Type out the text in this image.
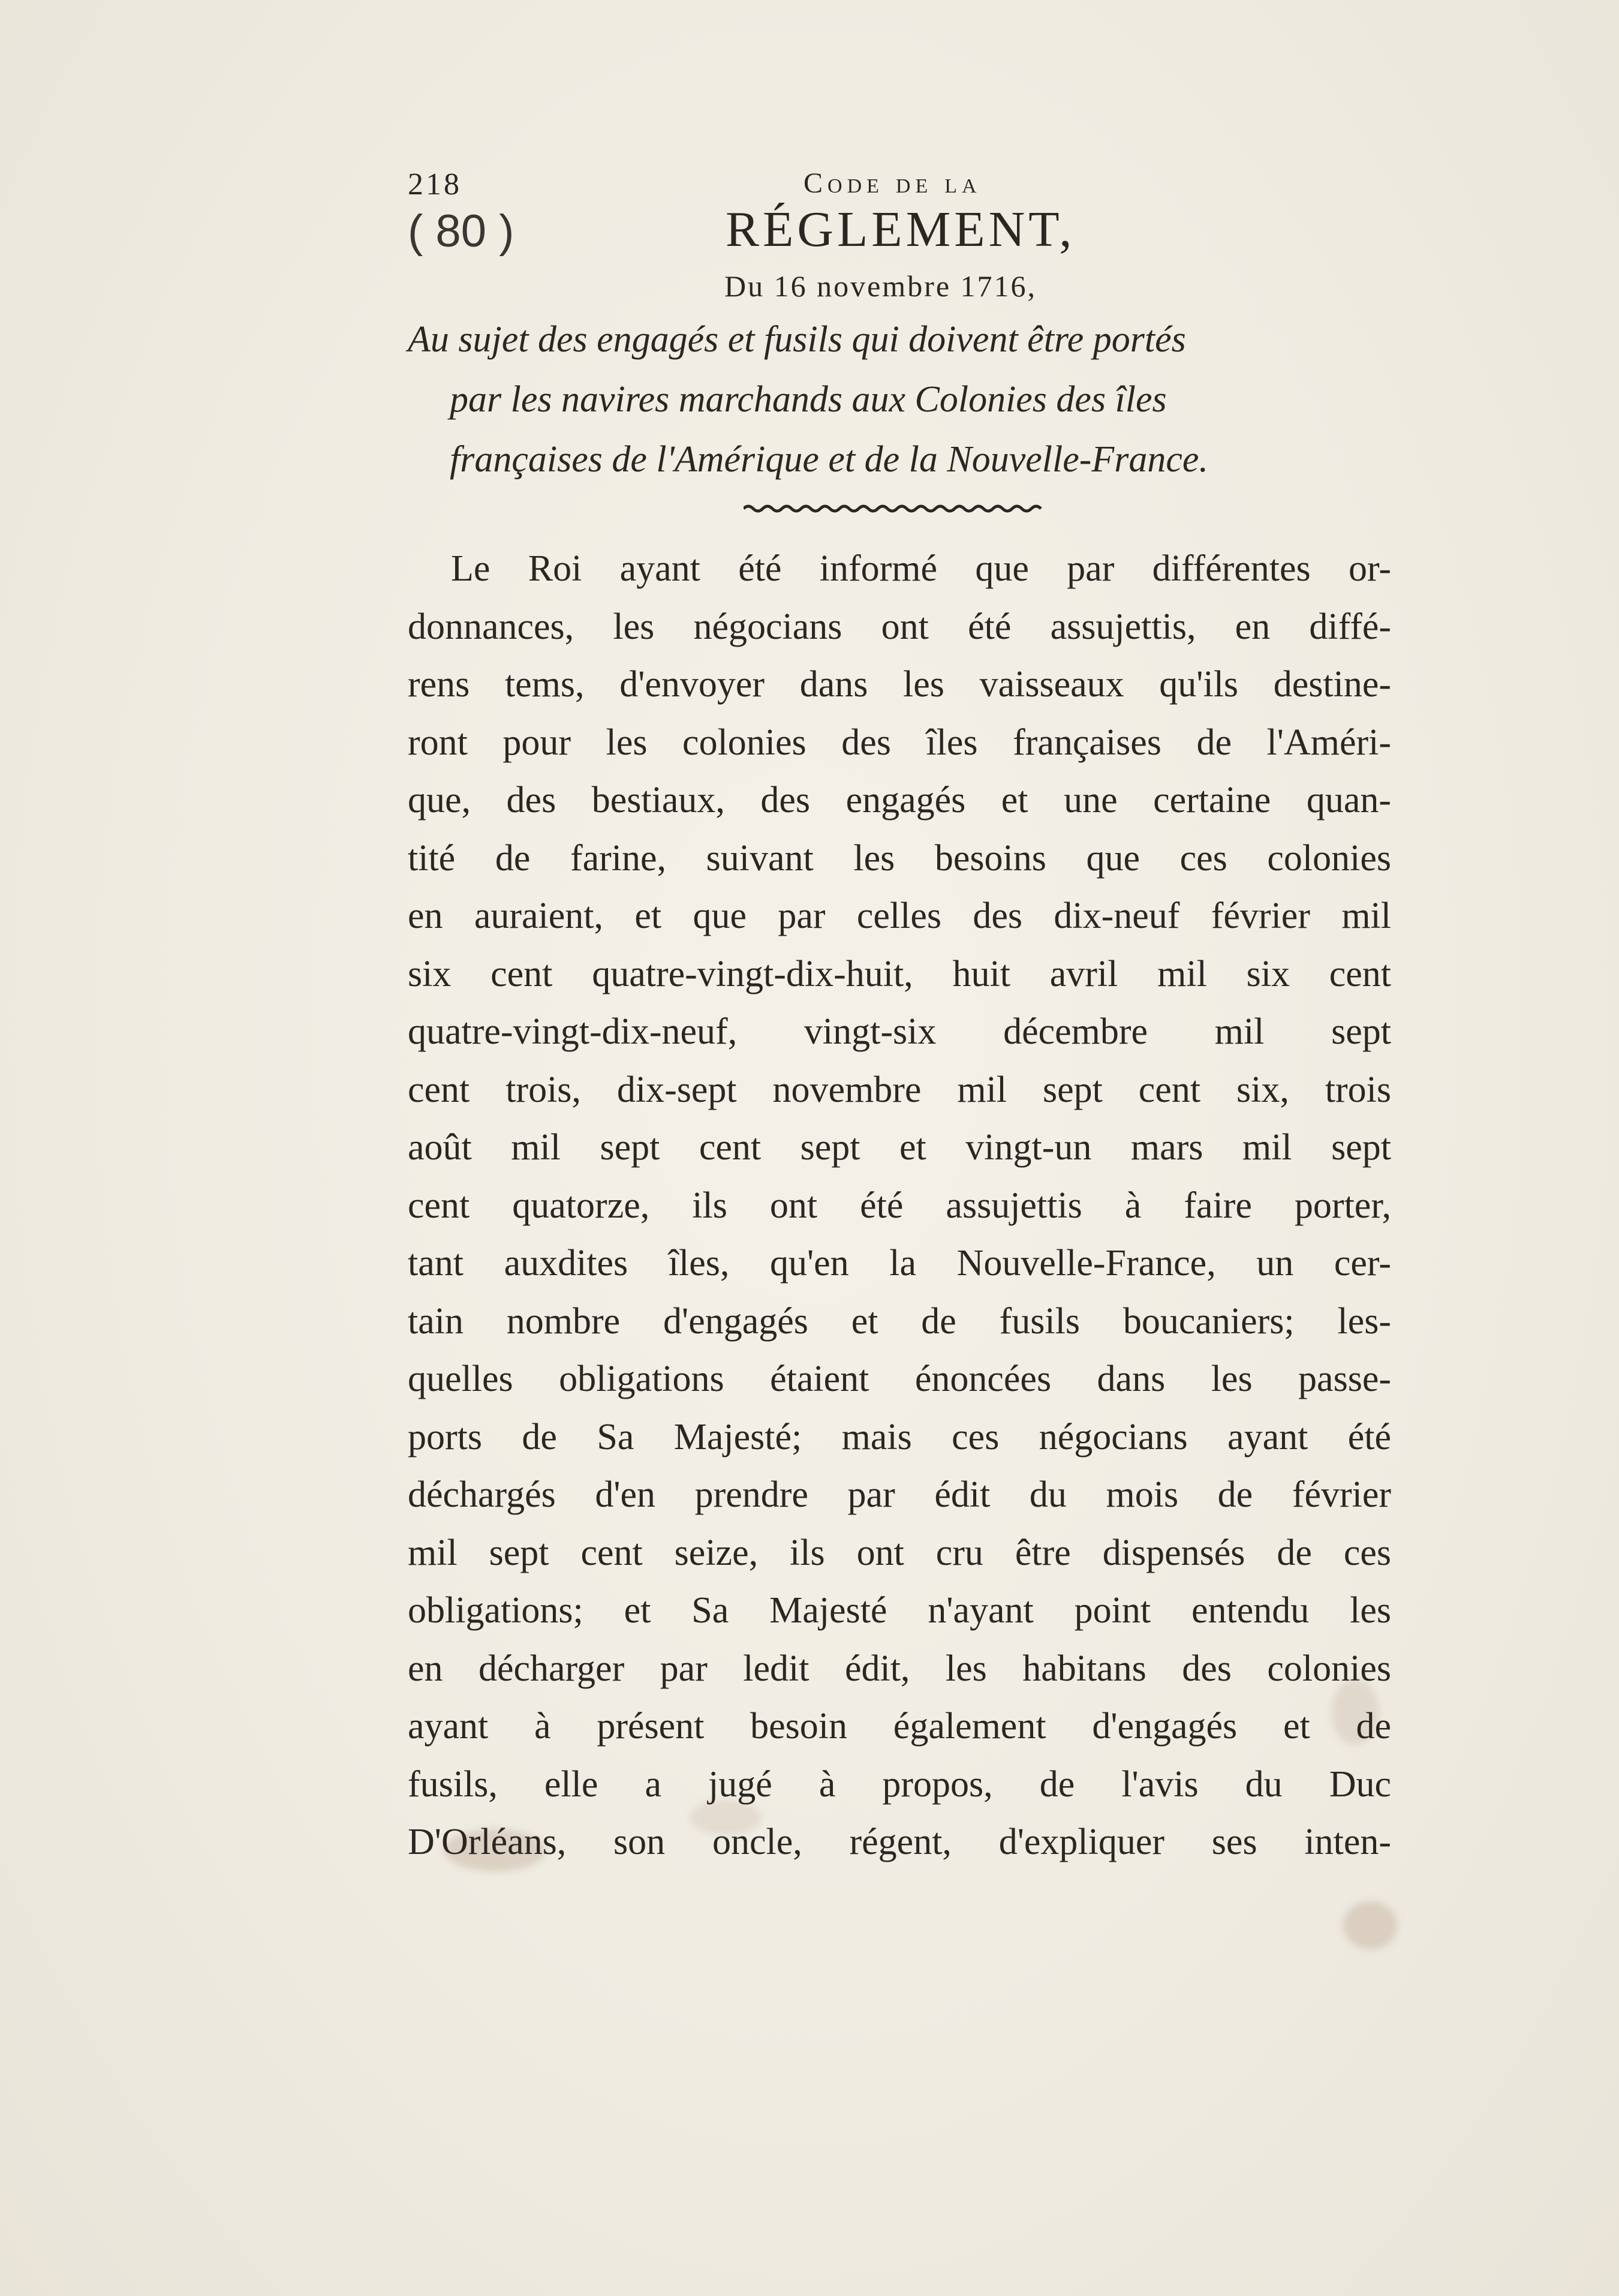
218	Code de la
( 80 )	RÉGLEMENT,
Du 16 novembre 1716,
Au sujet des engagés et fusils qui doivent être portés
par les navires marchands aux Colonies des îles
françaises de l'Amérique et de la Nouvelle-France.
Le Roi ayant été informé que par différentes or-
donnances, les négocians ont été assujettis, en diffé-
rens tems, d'envoyer dans les vaisseaux qu'ils destine-
ront pour les colonies des îles françaises de l'Améri-
que, des bestiaux, des engagés et une certaine quan-
tité de farine, suivant les besoins que ces colonies
en auraient, et que par celles des dix-neuf février mil
six cent quatre-vingt-dix-huit, huit avril mil six cent
quatre-vingt-dix-neuf, vingt-six décembre mil sept
cent trois, dix-sept novembre mil sept cent six, trois
août mil sept cent sept et vingt-un mars mil sept
cent quatorze, ils ont été assujettis à faire porter,
tant auxdites îles, qu'en la Nouvelle-France, un cer-
tain nombre d'engagés et de fusils boucaniers; les-
quelles obligations étaient énoncées dans les passe-
ports de Sa Majesté; mais ces négocians ayant été
déchargés d'en prendre par édit du mois de février
mil sept cent seize, ils ont cru être dispensés de ces
obligations; et Sa Majesté n'ayant point entendu les
en décharger par ledit édit, les habitans des colonies
ayant à présent besoin également d'engagés et de
fusils, elle a jugé à propos, de l'avis du Duc
D'Orléans, son oncle, régent, d'expliquer ses inten-
